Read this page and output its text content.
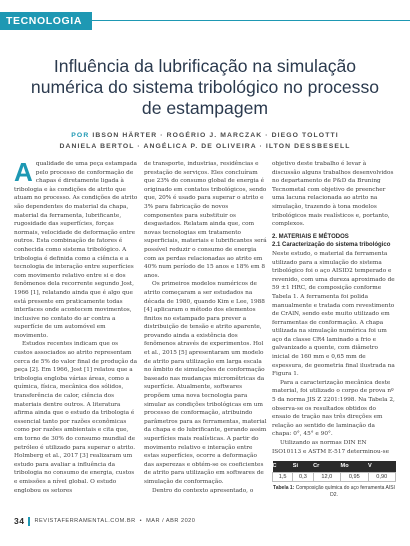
TECNOLOGIA
Influência da lubrificação na simulação numérica do sistema tribológico no processo de estampagem
POR IBSON HÄRTER · ROGÉRIO J. MARCZAK · DIEGO TOLOTTI
DANIELA BERTOL · ANGÉLICA P. DE OLIVEIRA · ILTON DESSBESELL

Aqualidade de uma peça estampada pelo processo de conformação de chapas é diretamente ligada à tribologia e às condições de atrito que atuam no processo. As condições de atrito são dependentes do material da chapa, material da ferramenta, lubrificante, rugosidade das superfícies, forças normais, velocidade de deformação entre outros. Esta combinação de fatores é conhecida como sistema tribológico. A tribologia é definida como a ciência e a tecnologia de interação entre superfícies com movimento relativo entre si e dos fenômenos dela recorrente segundo Jost, 1966 [1], relatando ainda que é algo que está presente em praticamente todas interfaces onde acontecem movimentos, inclusive no contato do ar contra a superfície de um automóvel em movimento.

Estudos recentes indicam que os custos associados ao atrito representam cerca de 5% do valor final de produção da peça [2]. Em 1966, Jost [1] relatou que a tribologia engloba várias áreas, como a química, física, mecânica dos sólidos, transferência de calor, ciência dos materiais dentre outros. A literatura afirma ainda que o estudo da tribologia é essencial tanto por razões econômicas como por razões ambientais e cita que, em torno de 30% do consumo mundial de petróleo é utilizado para superar o atrito. Holmberg et al., 2017 [3] realizaram um estudo para avaliar a influência da tribologia no consumo de energia, custos e emissões a nível global. O estudo englobou os setores

de transporte, industrias, residências e prestação de serviços. Eles concluíram que 23% do consumo global de energia é originado em contatos tribológicos, sendo que, 20% é usado para superar o atrito e 3% para fabricação de novos componentes para substituir os desgastados. Relatam ainda que, com novas tecnologias em tratamento superficiais, materiais e lubrificantes será possível reduzir o consumo de energia com as perdas relacionadas ao atrito em 40% num período de 15 anos e 18% em 8 anos.

Os primeiros modelos numéricos de atrito começaram a ser estudados na década de 1980, quando Kim e Lee, 1988 [4] aplicaram o método dos elementos finitos no estampado para prever a distribuição de tensão e atrito aparente, provando ainda a existência dos fenômenos através de experimentos. Hol et al., 2015 [5] apresentaram um modelo de atrito para utilização em larga escala no âmbito de simulações de conformação baseado nas mudanças micromêtricas da superfície. Atualmente, softwares propõem uma nova tecnologia para simular as condições tribológicas em um processo de conformação, atribuindo parâmetros para as ferramentas, material da chapa e do lubrificante, gerando assim superfícies mais realísticas. A partir do movimento relativo e interação entre estas superfícies, ocorre a deformação das asperezas e obtém-se os coeficientes de atrito para utilização em softwares de simulação de conformação.

Dentro do contexto apresentado, o

objetivo deste trabalho é levar à discussão alguns trabalhos desenvolvidos no departamento de P&D da Bruning Tecnometal com objetivo de preencher uma lacuna relacionada ao atrito na simulação, trazendo à tona modelos tribológicos mais realísticos e, portanto, complexos.

2. MATERIAIS E MÉTODOS
2.1 Caracterização do sistema tribológico

Neste estudo, o material da ferramenta utilizado para a simulação do sistema tribológico foi o aço AISID2 temperado e revenido, com uma dureza aproximado de 59 ±1 HRC, de composição conforme Tabela 1. A ferramenta foi polida manualmente e tratada com revestimento de CrAlN, sendo este muito utilizado em ferramentas de conformação. A chapa utilizada na simulação numérica foi um aço da classe CR4 laminado a frio e galvanizado a quente, com diâmetro inicial de 160 mm e 0,65 mm de espessura, de geometria final ilustrada na Figura 1.

Para a caracterização mecânica deste material, foi utilizado o corpo de prova nº 5 da norma JIS Z 2201:1998. Na Tabela 2, observa-se os resultados obtidos do ensaio de tração nas três direções em relação ao sentido de laminação da chapa: 0°, 45° e 90°.

Utilizando as normas DIN EN ISO10113 e ASTM E-517 determinou-se

C	Si	Cr	Mo	V
1,5	0,3	12,0	0,95	0,90
Tabela 1: Composição química do aço ferramenta AISI D2.
34 REVISTAFERRAMENTAL.COM.BR • MAR / ABR 2020
